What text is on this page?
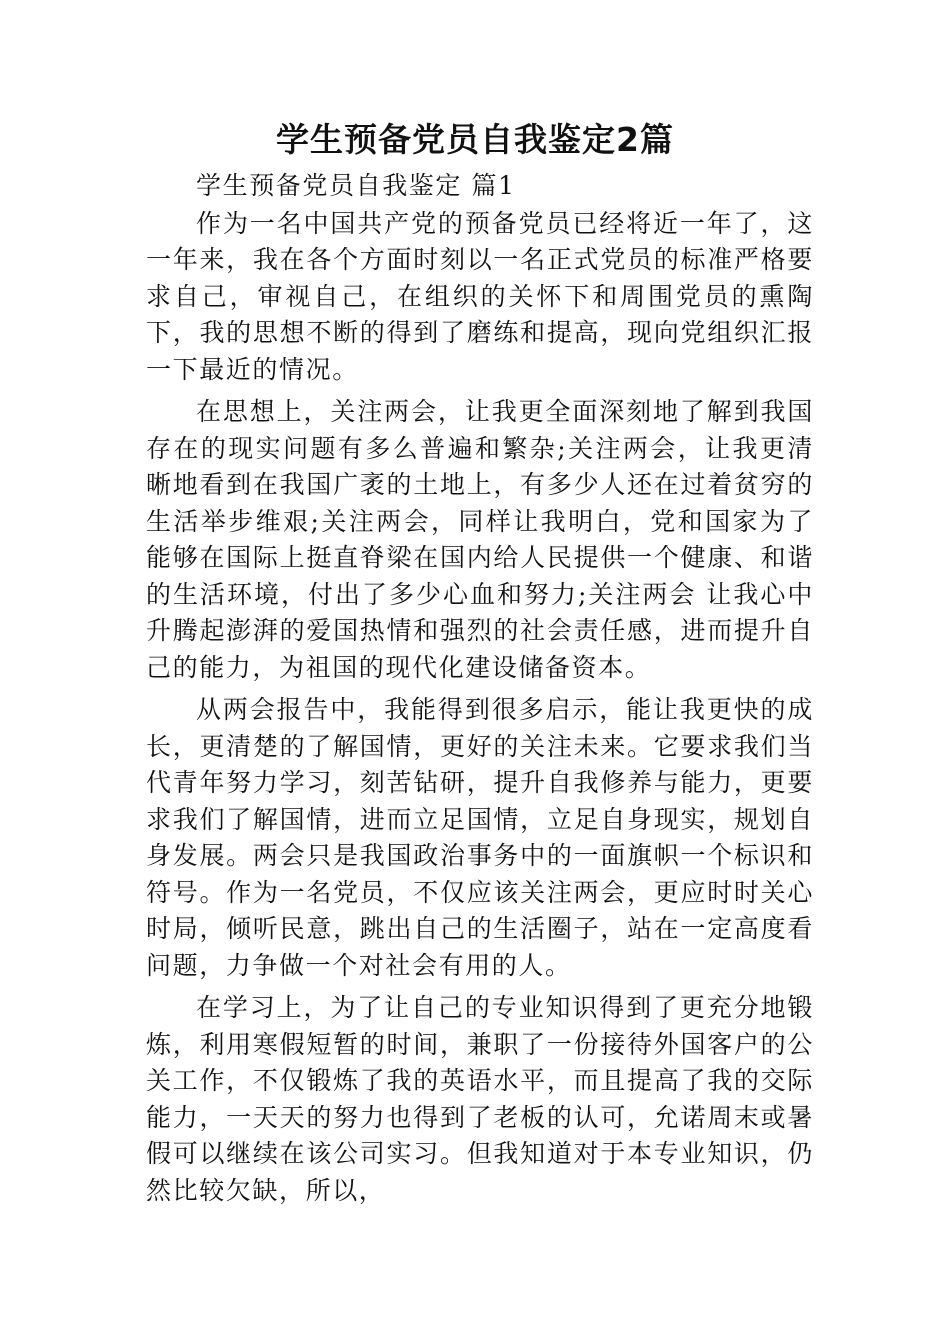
学生预备党员自我鉴定2篇

学生预备党员自我鉴定 篇1

作为一名中国共产党的预备党员已经将近一年了，这一年来，我在各个方面时刻以一名正式党员的标准严格要求自己，审视自己，在组织的关怀下和周围党员的熏陶下，我的思想不断的得到了磨练和提高，现向党组织汇报一下最近的情况。

在思想上，关注两会，让我更全面深刻地了解到我国存在的现实问题有多么普遍和繁杂;关注两会，让我更清晰地看到在我国广袤的土地上，有多少人还在过着贫穷的生活举步维艰;关注两会，同样让我明白，党和国家为了能够在国际上挺直脊梁在国内给人民提供一个健康、和谐的生活环境，付出了多少心血和努力;关注两会 让我心中升腾起澎湃的爱国热情和强烈的社会责任感，进而提升自己的能力，为祖国的现代化建设储备资本。

从两会报告中，我能得到很多启示，能让我更快的成长，更清楚的了解国情，更好的关注未来。它要求我们当代青年努力学习，刻苦钻研，提升自我修养与能力，更要求我们了解国情，进而立足国情，立足自身现实，规划自身发展。两会只是我国政治事务中的一面旗帜一个标识和符号。作为一名党员，不仅应该关注两会，更应时时关心时局，倾听民意，跳出自己的生活圈子，站在一定高度看问题，力争做一个对社会有用的人。

在学习上，为了让自己的专业知识得到了更充分地锻炼，利用寒假短暂的时间，兼职了一份接待外国客户的公关工作，不仅锻炼了我的英语水平，而且提高了我的交际能力，一天天的努力也得到了老板的认可，允诺周末或暑假可以继续在该公司实习。但我知道对于本专业知识，仍然比较欠缺，所以，
